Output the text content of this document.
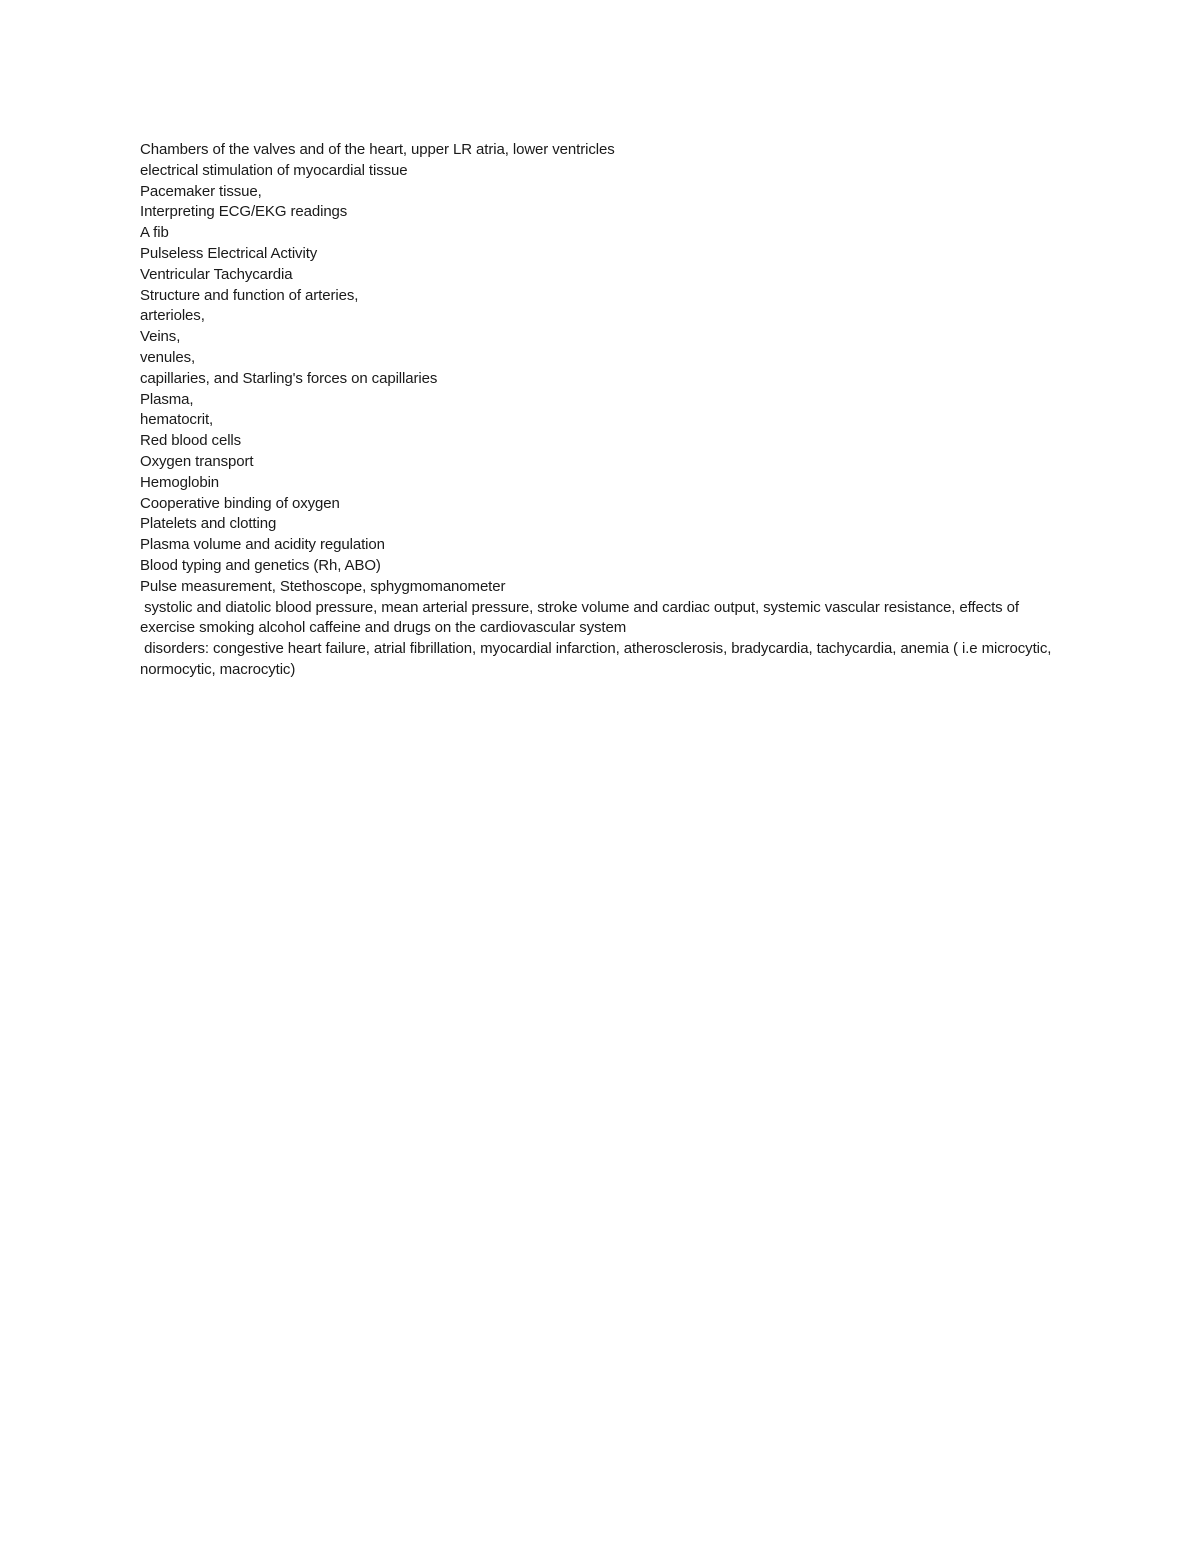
Chambers of the valves and of the heart, upper LR atria, lower ventricles
electrical stimulation of myocardial tissue
Pacemaker tissue,
Interpreting ECG/EKG readings
A fib
Pulseless Electrical Activity
Ventricular Tachycardia
Structure and function of arteries,
arterioles,
Veins,
venules,
capillaries, and Starling's forces on capillaries
Plasma,
hematocrit,
Red blood cells
Oxygen transport
Hemoglobin
Cooperative binding of oxygen
Platelets and clotting
Plasma volume and acidity regulation
Blood typing and genetics (Rh, ABO)
Pulse measurement, Stethoscope, sphygmomanometer
systolic and diatolic blood pressure, mean arterial pressure, stroke volume and cardiac output, systemic vascular resistance, effects of exercise smoking alcohol caffeine and drugs on the cardiovascular system
disorders: congestive heart failure, atrial fibrillation, myocardial infarction, atherosclerosis, bradycardia, tachycardia, anemia ( i.e microcytic, normocytic, macrocytic)
